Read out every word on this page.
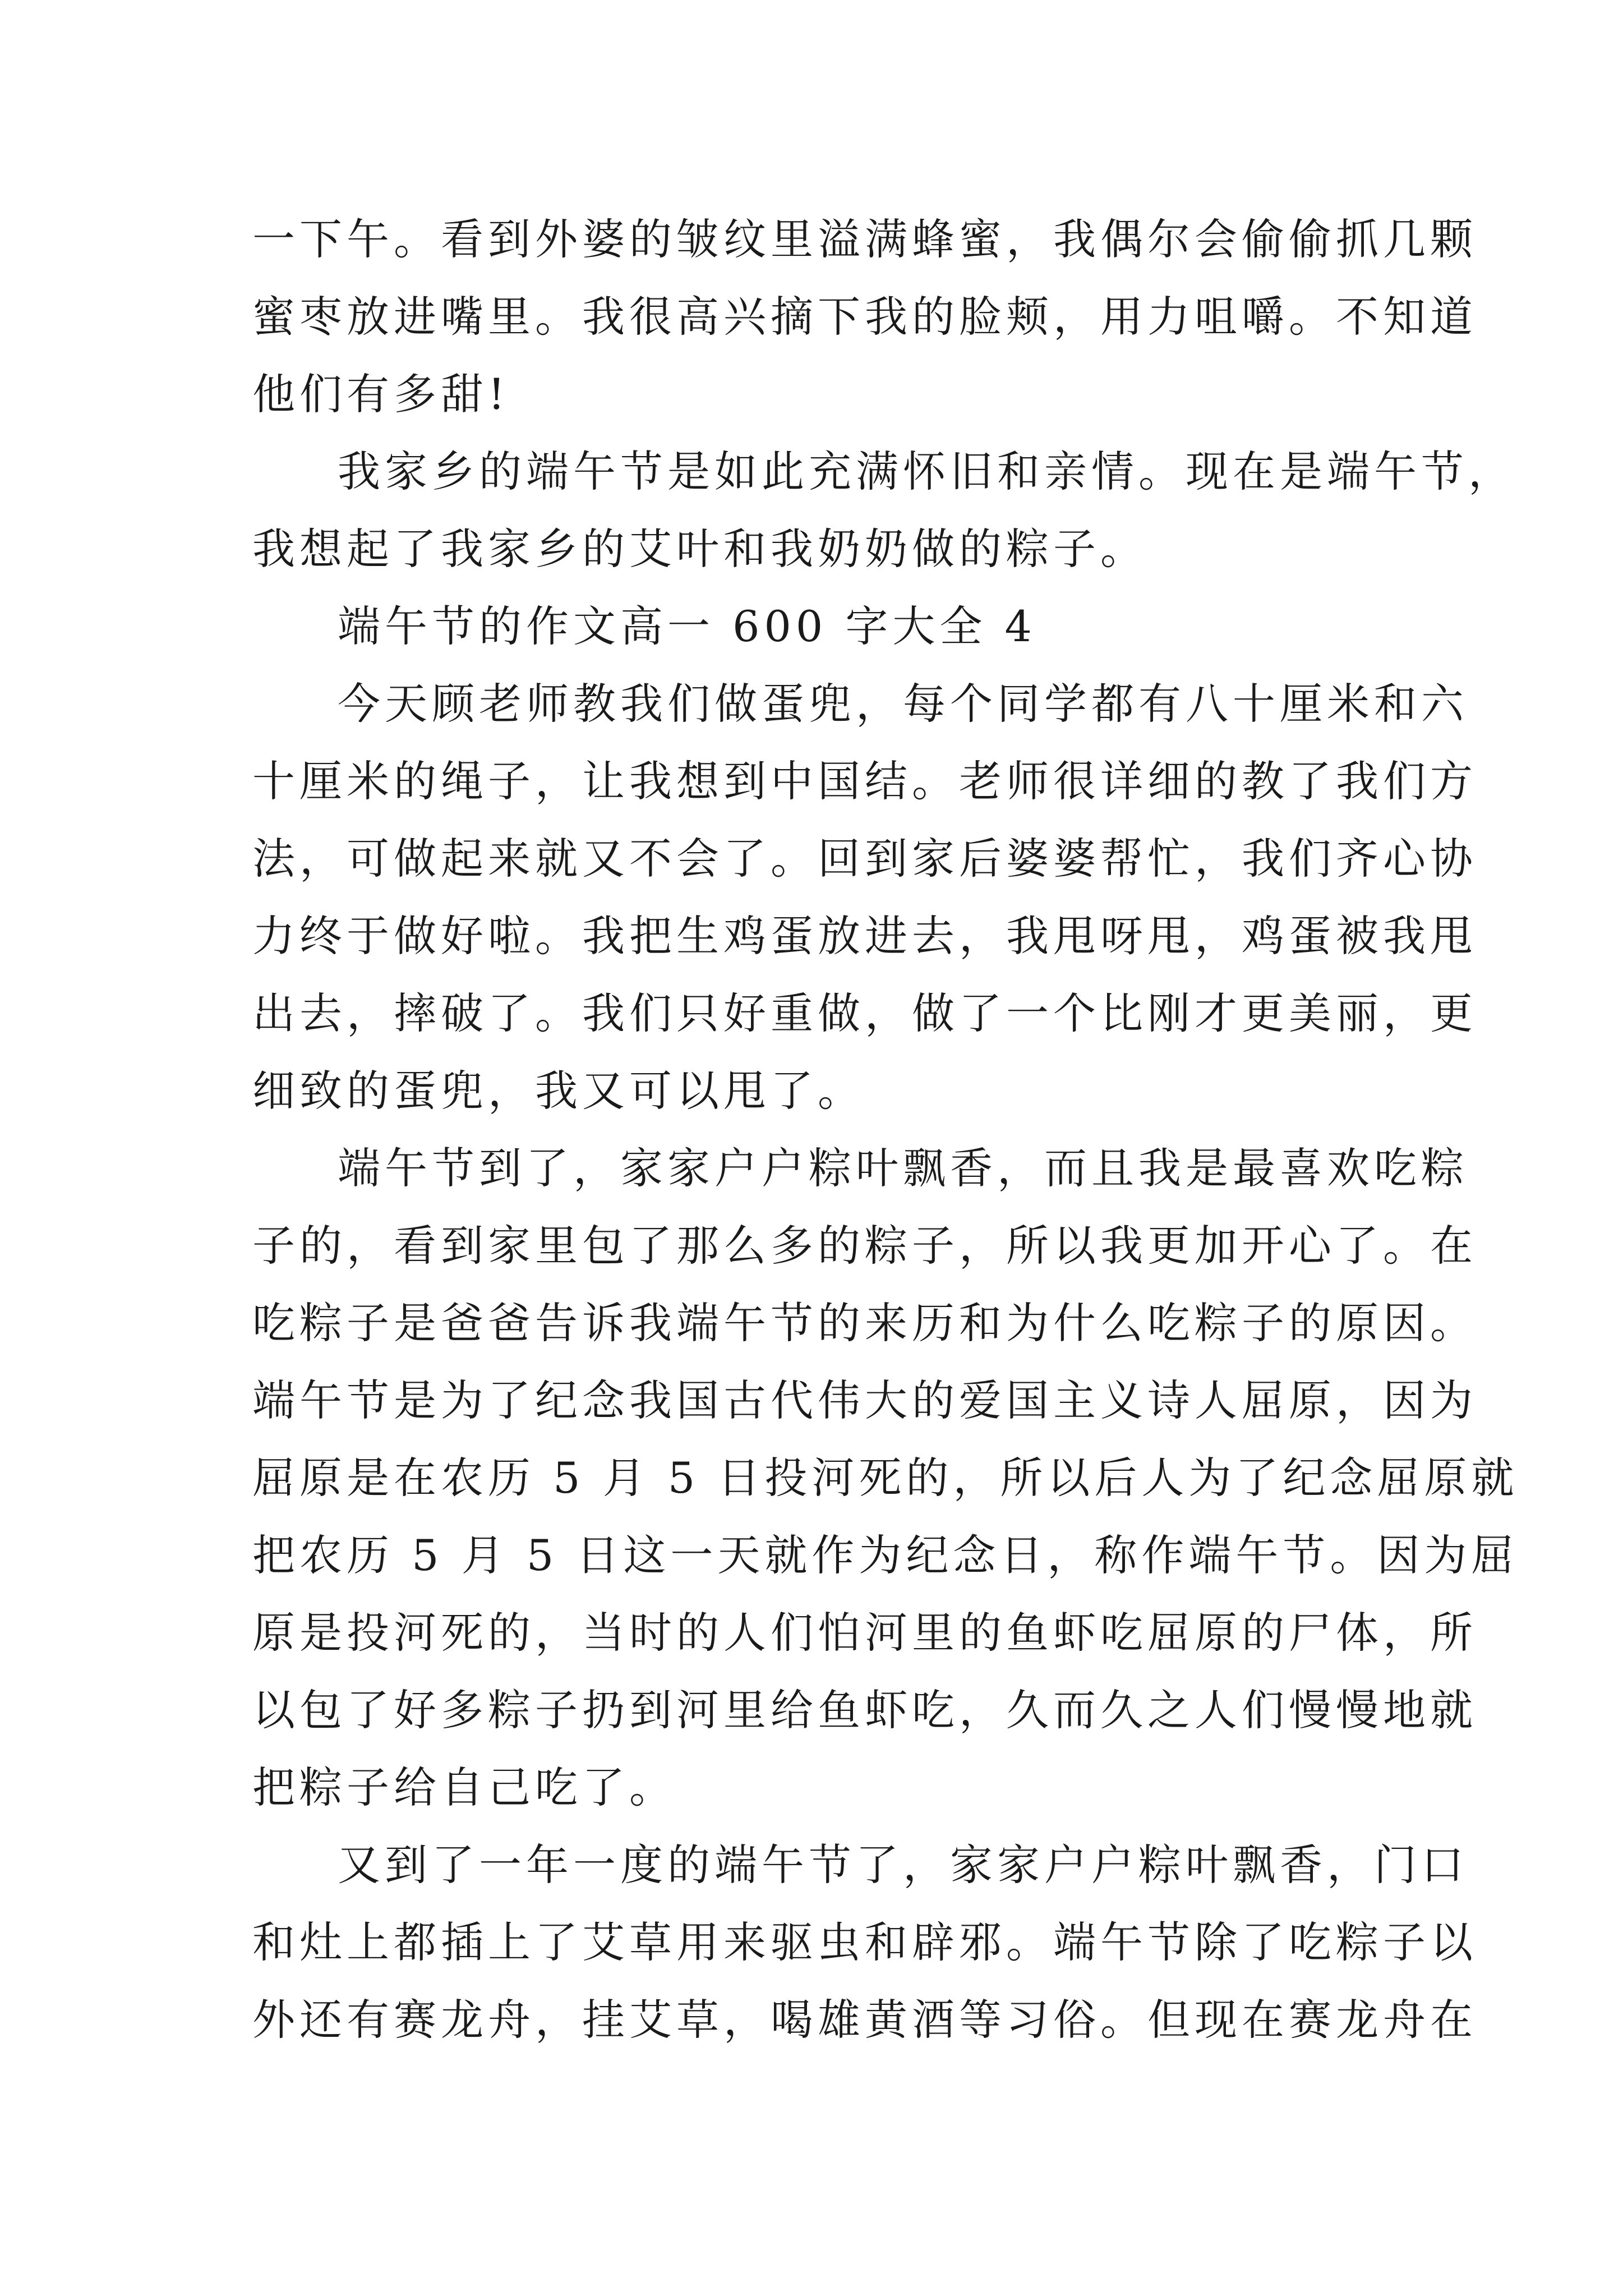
一下午。看到外婆的皱纹里溢满蜂蜜，我偶尔会偷偷抓几颗
蜜枣放进嘴里。我很高兴摘下我的脸颊，用力咀嚼。不知道
他们有多甜!
我家乡的端午节是如此充满怀旧和亲情。现在是端午节，
我想起了我家乡的艾叶和我奶奶做的粽子。
端午节的作文高一 600 字大全 4
今天顾老师教我们做蛋兜，每个同学都有八十厘米和六
十厘米的绳子，让我想到中国结。老师很详细的教了我们方
法，可做起来就又不会了。回到家后婆婆帮忙，我们齐心协
力终于做好啦。我把生鸡蛋放进去，我甩呀甩，鸡蛋被我甩
出去，摔破了。我们只好重做，做了一个比刚才更美丽，更
细致的蛋兜，我又可以甩了。
端午节到了，家家户户粽叶飘香，而且我是最喜欢吃粽
子的，看到家里包了那么多的粽子，所以我更加开心了。在
吃粽子是爸爸告诉我端午节的来历和为什么吃粽子的原因。
端午节是为了纪念我国古代伟大的爱国主义诗人屈原，因为
屈原是在农历 5 月 5 日投河死的，所以后人为了纪念屈原就
把农历 5 月 5 日这一天就作为纪念日，称作端午节。因为屈
原是投河死的，当时的人们怕河里的鱼虾吃屈原的尸体，所
以包了好多粽子扔到河里给鱼虾吃，久而久之人们慢慢地就
把粽子给自己吃了。
又到了一年一度的端午节了，家家户户粽叶飘香，门口
和灶上都插上了艾草用来驱虫和辟邪。端午节除了吃粽子以
外还有赛龙舟，挂艾草，喝雄黄酒等习俗。但现在赛龙舟在
